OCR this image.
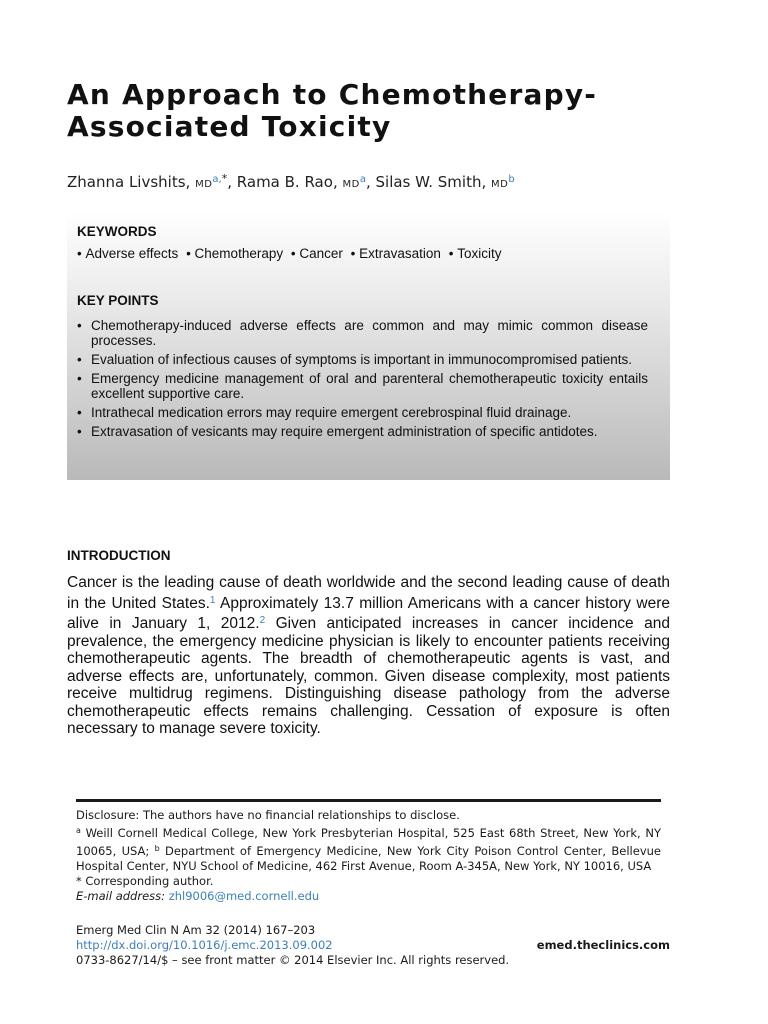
An Approach to Chemotherapy-
Associated Toxicity
Zhanna Livshits, MD$^{a,*}$, Rama B. Rao, MD$^a$, Silas W. Smith, MD$^b$
KEYWORDS
• Adverse effects • Chemotherapy • Cancer • Extravasation • Toxicity
KEY POINTS
• Chemotherapy-induced adverse effects are common and may mimic common disease processes.
• Evaluation of infectious causes of symptoms is important in immunocompromised patients.
• Emergency medicine management of oral and parenteral chemotherapeutic toxicity entails excellent supportive care.
• Intrathecal medication errors may require emergent cerebrospinal fluid drainage.
• Extravasation of vesicants may require emergent administration of specific antidotes.
INTRODUCTION

Cancer is the leading cause of death worldwide and the second leading cause of death in the United States.$^1$ Approximately 13.7 million Americans with a cancer history were alive in January 1, 2012.$^2$ Given anticipated increases in cancer incidence and prevalence, the emergency medicine physician is likely to encounter patients receiving chemotherapeutic agents. The breadth of chemotherapeutic agents is vast, and adverse effects are, unfortunately, common. Given disease complexity, most patients receive multidrug regimens. Distinguishing disease pathology from the adverse chemotherapeutic effects remains challenging. Cessation of exposure is often necessary to manage severe toxicity.

Disclosure: The authors have no financial relationships to disclose.

$^a$ Weill Cornell Medical College, New York Presbyterian Hospital, 525 East 68th Street, New York, NY 10065, USA; $^b$ Department of Emergency Medicine, New York City Poison Control Center, Bellevue Hospital Center, NYU School of Medicine, 462 First Avenue, Room A-345A, New York, NY 10016, USA

* Corresponding author.

E-mail address: zhl9006@med.cornell.edu

Emerg Med Clin N Am 32 (2014) 167–203
http://dx.doi.org/10.1016/j.emc.2013.09.002
0733-8627/14/$ – see front matter © 2014 Elsevier Inc. All rights reserved.
emed.theclinics.com
